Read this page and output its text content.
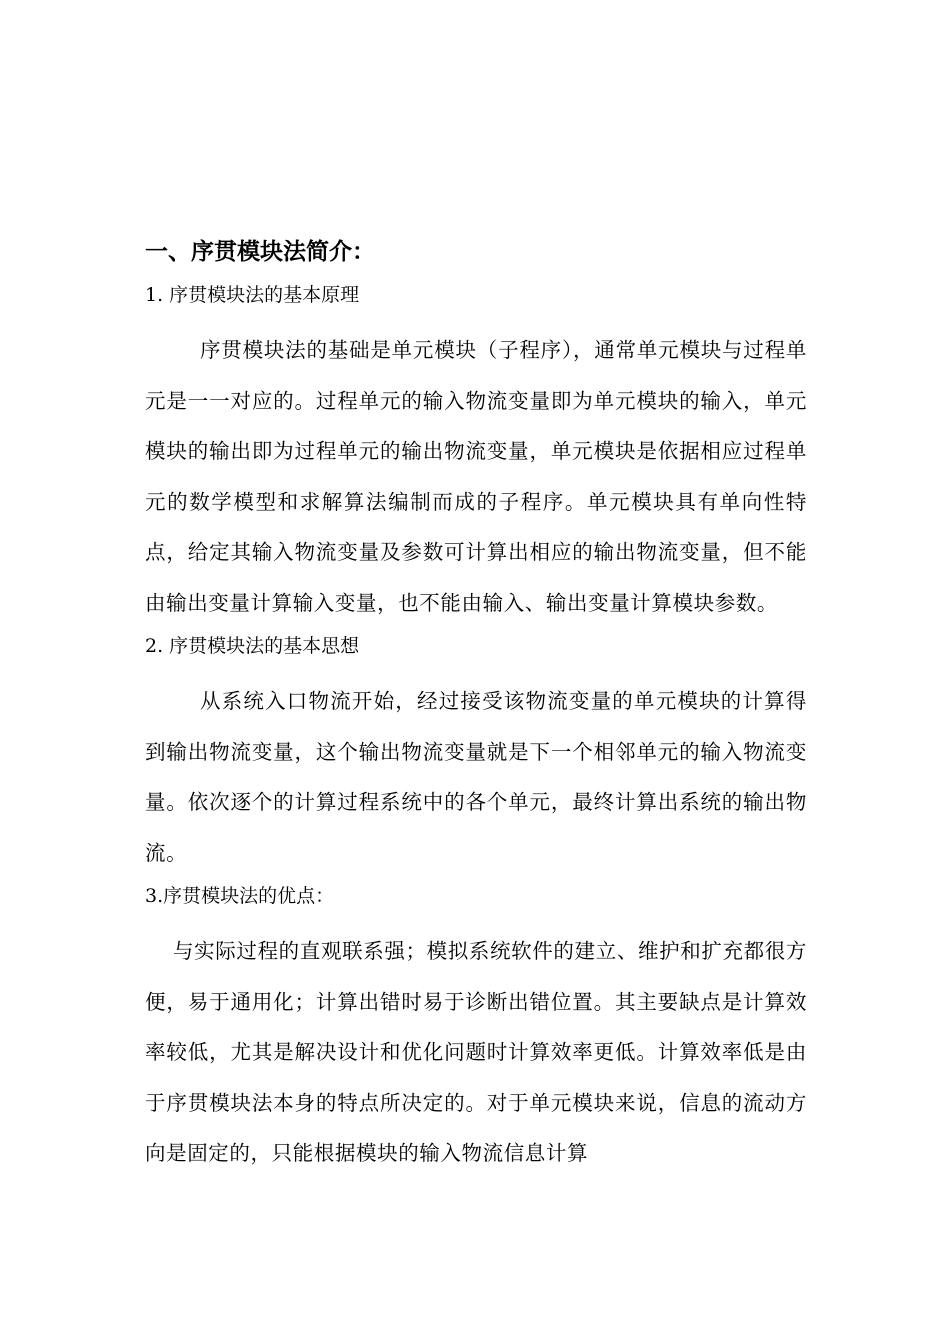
一、序贯模块法简介：
1. 序贯模块法的基本原理

序贯模块法的基础是单元模块（子程序），通常单元模块与过程单元是一一对应的。过程单元的输入物流变量即为单元模块的输入，单元模块的输出即为过程单元的输出物流变量，单元模块是依据相应过程单元的数学模型和求解算法编制而成的子程序。单元模块具有单向性特点，给定其输入物流变量及参数可计算出相应的输出物流变量，但不能由输出变量计算输入变量，也不能由输入、输出变量计算模块参数。

2. 序贯模块法的基本思想

从系统入口物流开始，经过接受该物流变量的单元模块的计算得到输出物流变量，这个输出物流变量就是下一个相邻单元的输入物流变量。依次逐个的计算过程系统中的各个单元，最终计算出系统的输出物流。

3.序贯模块法的优点：

与实际过程的直观联系强；模拟系统软件的建立、维护和扩充都很方便，易于通用化；计算出错时易于诊断出错位置。其主要缺点是计算效率较低，尤其是解决设计和优化问题时计算效率更低。计算效率低是由于序贯模块法本身的特点所决定的。对于单元模块来说，信息的流动方向是固定的，只能根据模块的输入物流信息计算
